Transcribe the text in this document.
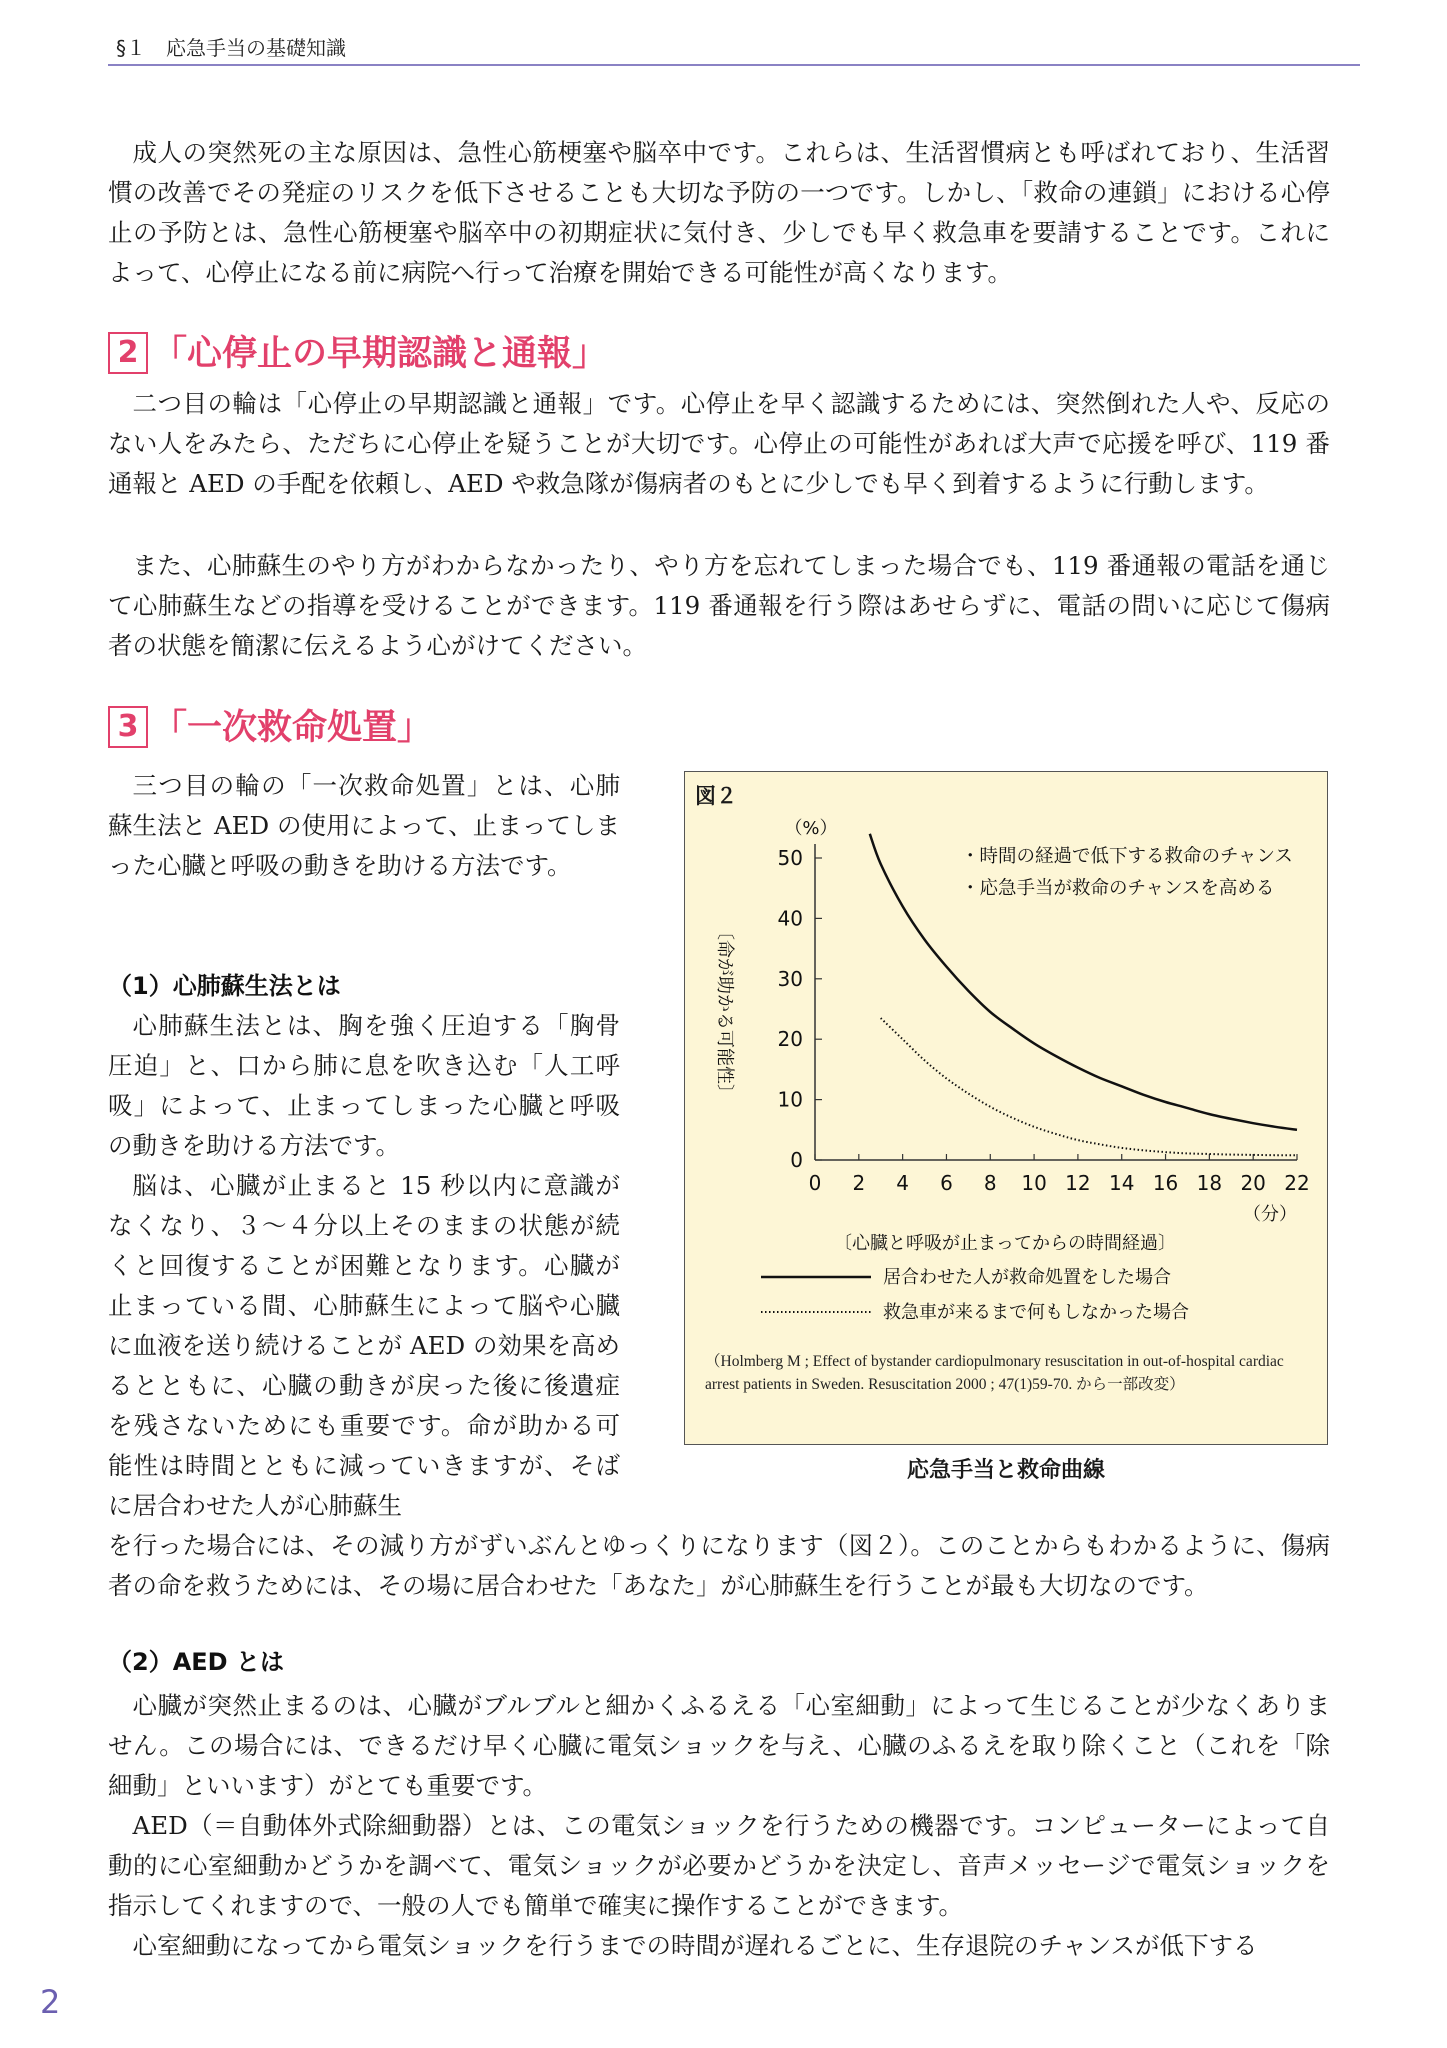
§１　応急手当の基礎知識

成人の突然死の主な原因は、急性心筋梗塞や脳卒中です。これらは、生活習慣病とも呼ばれており、生活習慣の改善でその発症のリスクを低下させることも大切な予防の一つです。しかし、「救命の連鎖」における心停止の予防とは、急性心筋梗塞や脳卒中の初期症状に気付き、少しでも早く救急車を要請することです。これによって、心停止になる前に病院へ行って治療を開始できる可能性が高くなります。

2 「心停止の早期認識と通報」

二つ目の輪は「心停止の早期認識と通報」です。心停止を早く認識するためには、突然倒れた人や、反応のない人をみたら、ただちに心停止を疑うことが大切です。心停止の可能性があれば大声で応援を呼び、119 番通報と AED の手配を依頼し、AED や救急隊が傷病者のもとに少しでも早く到着するように行動します。

また、心肺蘇生のやり方がわからなかったり、やり方を忘れてしまった場合でも、119 番通報の電話を通じて心肺蘇生などの指導を受けることができます。119 番通報を行う際はあせらずに、電話の問いに応じて傷病者の状態を簡潔に伝えるよう心がけてください。

3 「一次救命処置」

三つ目の輪の「一次救命処置」とは、心肺蘇生法と AED の使用によって、止まってしまった心臓と呼吸の動きを助ける方法です。

（1）心肺蘇生法とは

心肺蘇生法とは、胸を強く圧迫する「胸骨圧迫」と、口から肺に息を吹き込む「人工呼吸」によって、止まってしまった心臓と呼吸の動きを助ける方法です。

脳は、心臓が止まると 15 秒以内に意識がなくなり、３～４分以上そのままの状態が続くと回復することが困難となります。心臓が止まっている間、心肺蘇生によって脳や心臓に血液を送り続けることが AED の効果を高めるとともに、心臓の動きが戻った後に後遺症を残さないためにも重要です。命が助かる可能性は時間とともに減っていきますが、そばに居合わせた人が心肺蘇生

を行った場合には、その減り方がずいぶんとゆっくりになります（図２）。このことからもわかるように、傷病者の命を救うためには、その場に居合わせた「あなた」が心肺蘇生を行うことが最も大切なのです。

（2）AED とは

心臓が突然止まるのは、心臓がブルブルと細かくふるえる「心室細動」によって生じることが少なくありません。この場合には、できるだけ早く心臓に電気ショックを与え、心臓のふるえを取り除くこと（これを「除細動」といいます）がとても重要です。

AED（＝自動体外式除細動器）とは、この電気ショックを行うための機器です。コンピューターによって自動的に心室細動かどうかを調べて、電気ショックが必要かどうかを決定し、音声メッセージで電気ショックを指示してくれますので、一般の人でも簡単で確実に操作することができます。

心室細動になってから電気ショックを行うまでの時間が遅れるごとに、生存退院のチャンスが低下する

図２
0 2 4 6 8 10 12 14 16 18 20 22
0
10
20
30
40
50	・時間の経過で低下する救命のチャンス
・応急手当が救命のチャンスを高める
（%）
（分）
〔心臓と呼吸が止まってからの時間経過〕
〔命が助かる可能性〕
居合わせた人が救命処置をした場合
救急車が来るまで何もしなかった場合
（Holmberg M ; Effect of bystander cardiopulmonary resuscitation in out-of-hospital cardiac arrest patients in Sweden. Resuscitation 2000 ; 47(1)59-70. から一部改変）
応急手当と救命曲線
2
